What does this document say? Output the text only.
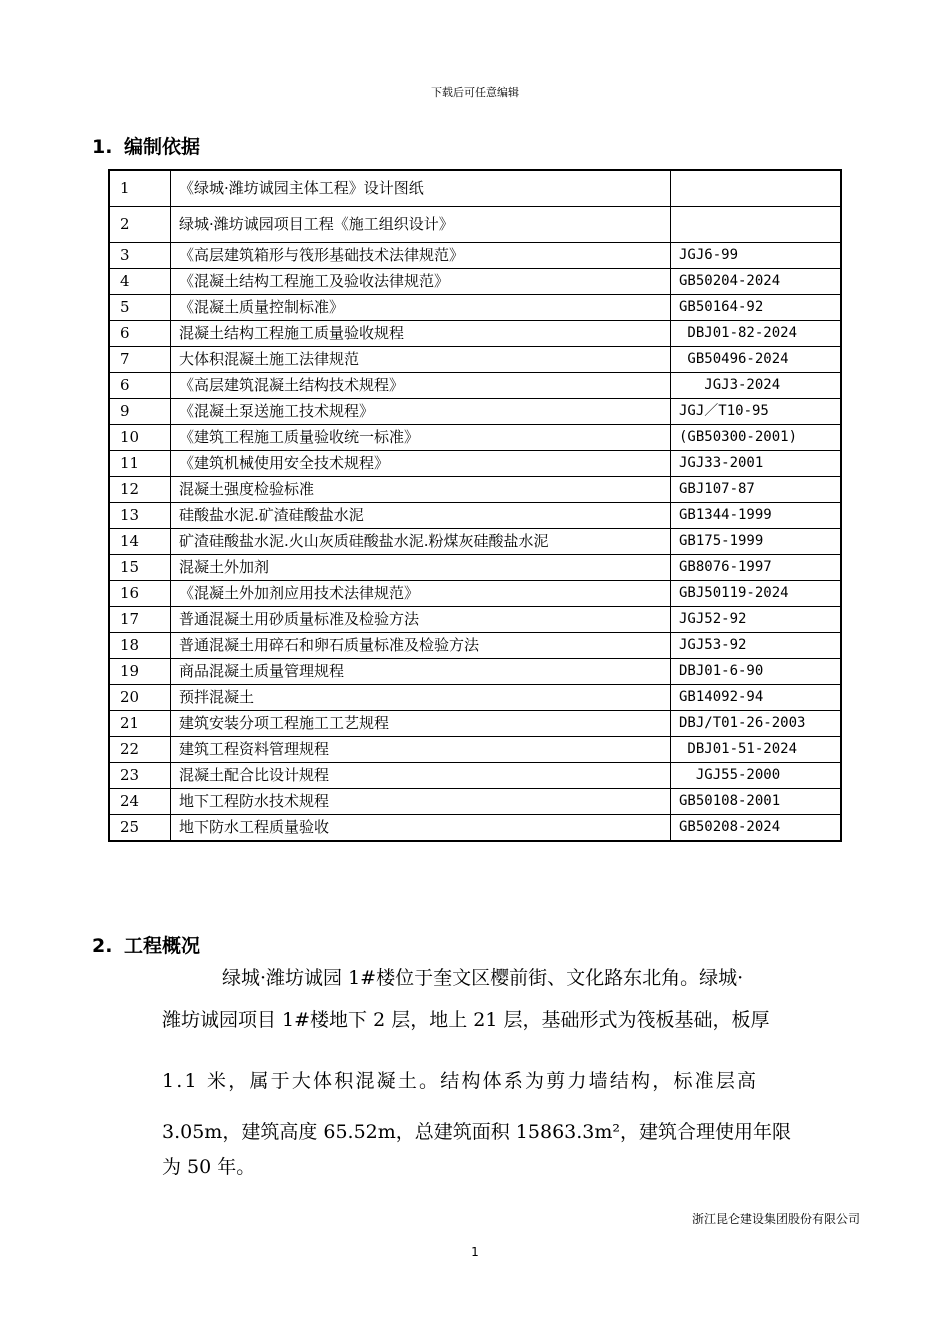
下载后可任意编辑
1. 编制依据
1	《绿城·潍坊诚园主体工程》设计图纸	
2	绿城·潍坊诚园项目工程《施工组织设计》	
3	《高层建筑箱形与筏形基础技术法律规范》	JGJ6-99
4	《混凝土结构工程施工及验收法律规范》	GB50204-2024
5	《混凝土质量控制标准》	GB50164-92
6	混凝土结构工程施工质量验收规程	DBJ01-82-2024
7	大体积混凝土施工法律规范	GB50496-2024
6	《高层建筑混凝土结构技术规程》	JGJ3-2024
9	《混凝土泵送施工技术规程》	JGJ／T10-95
10	《建筑工程施工质量验收统一标准》	(GB50300-2001)
11	《建筑机械使用安全技术规程》	JGJ33-2001
12	混凝土强度检验标准	GBJ107-87
13	硅酸盐水泥.矿渣硅酸盐水泥	GB1344-1999
14	矿渣硅酸盐水泥.火山灰质硅酸盐水泥.粉煤灰硅酸盐水泥	GB175-1999
15	混凝土外加剂	GB8076-1997
16	《混凝土外加剂应用技术法律规范》	GBJ50119-2024
17	普通混凝土用砂质量标准及检验方法	JGJ52-92
18	普通混凝土用碎石和卵石质量标准及检验方法	JGJ53-92
19	商品混凝土质量管理规程	DBJ01-6-90
20	预拌混凝土	GB14092-94
21	建筑安装分项工程施工工艺规程	DBJ/T01-26-2003
22	建筑工程资料管理规程	DBJ01-51-2024
23	混凝土配合比设计规程	JGJ55-2000
24	地下工程防水技术规程	GB50108-2001
25	地下防水工程质量验收	GB50208-2024
2. 工程概况
绿城·潍坊诚园 1#楼位于奎文区樱前街、文化路东北角。绿城·
潍坊诚园项目 1#楼地下 2 层，地上 21 层，基础形式为筏板基础，板厚
1.1 米，属于大体积混凝土。结构体系为剪力墙结构，标准层高
3.05m，建筑高度 65.52m，总建筑面积 15863.3m²，建筑合理使用年限
为 50 年。
浙江昆仑建设集团股份有限公司
1
